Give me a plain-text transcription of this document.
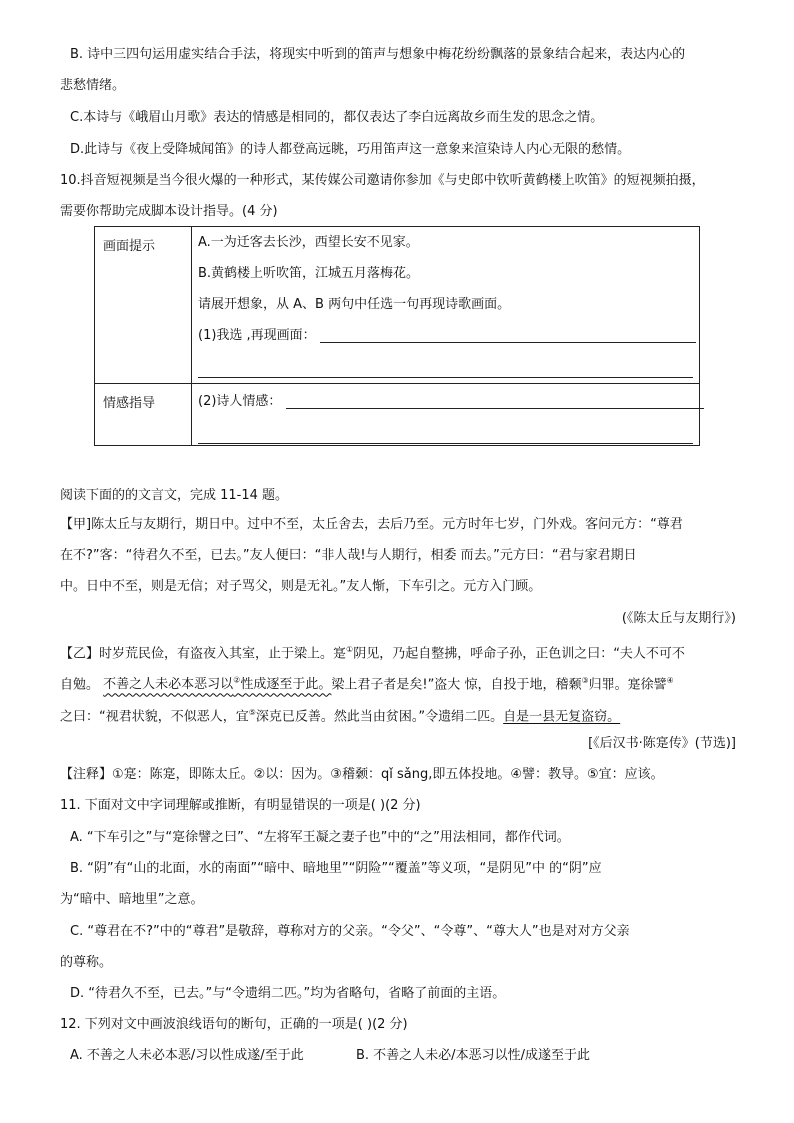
B. 诗中三四句运用虚实结合手法，将现实中听到的笛声与想象中梅花纷纷飘落的景象结合起来，表达内心的
悲愁情绪。
C.本诗与《峨眉山月歌》表达的情感是相同的，都仅表达了李白远离故乡而生发的思念之情。
D.此诗与《夜上受降城闻笛》的诗人都登高远眺，巧用笛声这一意象来渲染诗人内心无限的愁情。
10.抖音短视频是当今很火爆的一种形式，某传媒公司邀请你参加《与史郎中钦听黄鹤楼上吹笛》的短视频拍摄，
需要你帮助完成脚本设计指导。(4 分)
画面提示	A.一为迁客去长沙，西望长安不见家。
B.黄鹤楼上听吹笛，江城五月落梅花。
请展开想象，从 A、B 两句中任选一句再现诗歌画面。
(1)我选 ,再现画面：

情感指导	(2)诗人情感：
阅读下面的的文言文，完成 11-14 题。
【甲]陈太丘与友期行，期日中。过中不至，太丘舍去，去后乃至。元方时年七岁，门外戏。客问元方：“尊君
在不?”客：“待君久不至，已去。”友人便曰：“非人哉!与人期行，相委 而去。”元方曰：“君与家君期日
中。日中不至，则是无信；对子骂父，则是无礼。”友人惭，下车引之。元方入门顾。
(《陈太丘与友期行》)
【乙】时岁荒民俭，有盗夜入其室，止于梁上。寔①阴见，乃起自整拂，呼命子孙，正色训之曰：“夫人不可不
自勉。 不善之人未必本恶习以②性成逐至于此。梁上君子者是矣!”盗大 惊，自投于地，稽颡③归罪。寔徐譬④
之曰：“视君状貌，不似恶人，宜⑤深克已反善。然此当由贫困。”令遗绢二匹。自是一县无复盗窃。
[《后汉书·陈寔传》(节选)]
【注释】①寔：陈寔，即陈太丘。②以：因为。③稽颡：qǐ sǎng,即五体投地。④譬：教导。⑤宜：应该。
11. 下面对文中字词理解或推断，有明显错误的一项是( )(2 分)
A. “下车引之”与“寔徐譬之曰”、“左将军王凝之妻子也”中的“之”用法相同，都作代词。
B. “阴”有“山的北面，水的南面”“暗中、暗地里”“阴险”“覆盖”等义项，“是阴见”中 的“阴”应
为“暗中、暗地里”之意。
C. “尊君在不?”中的“尊君”是敬辞，尊称对方的父亲。“令父”、“令尊”、“尊大人”也是对对方父亲
的尊称。
D. “待君久不至，已去。”与“令遗绢二匹。”均为省略句，省略了前面的主语。
12. 下列对文中画波浪线语句的断句，正确的一项是( )(2 分)
A. 不善之人未必本恶/习以性成遂/至于此	B. 不善之人未必/本恶习以性/成遂至于此
